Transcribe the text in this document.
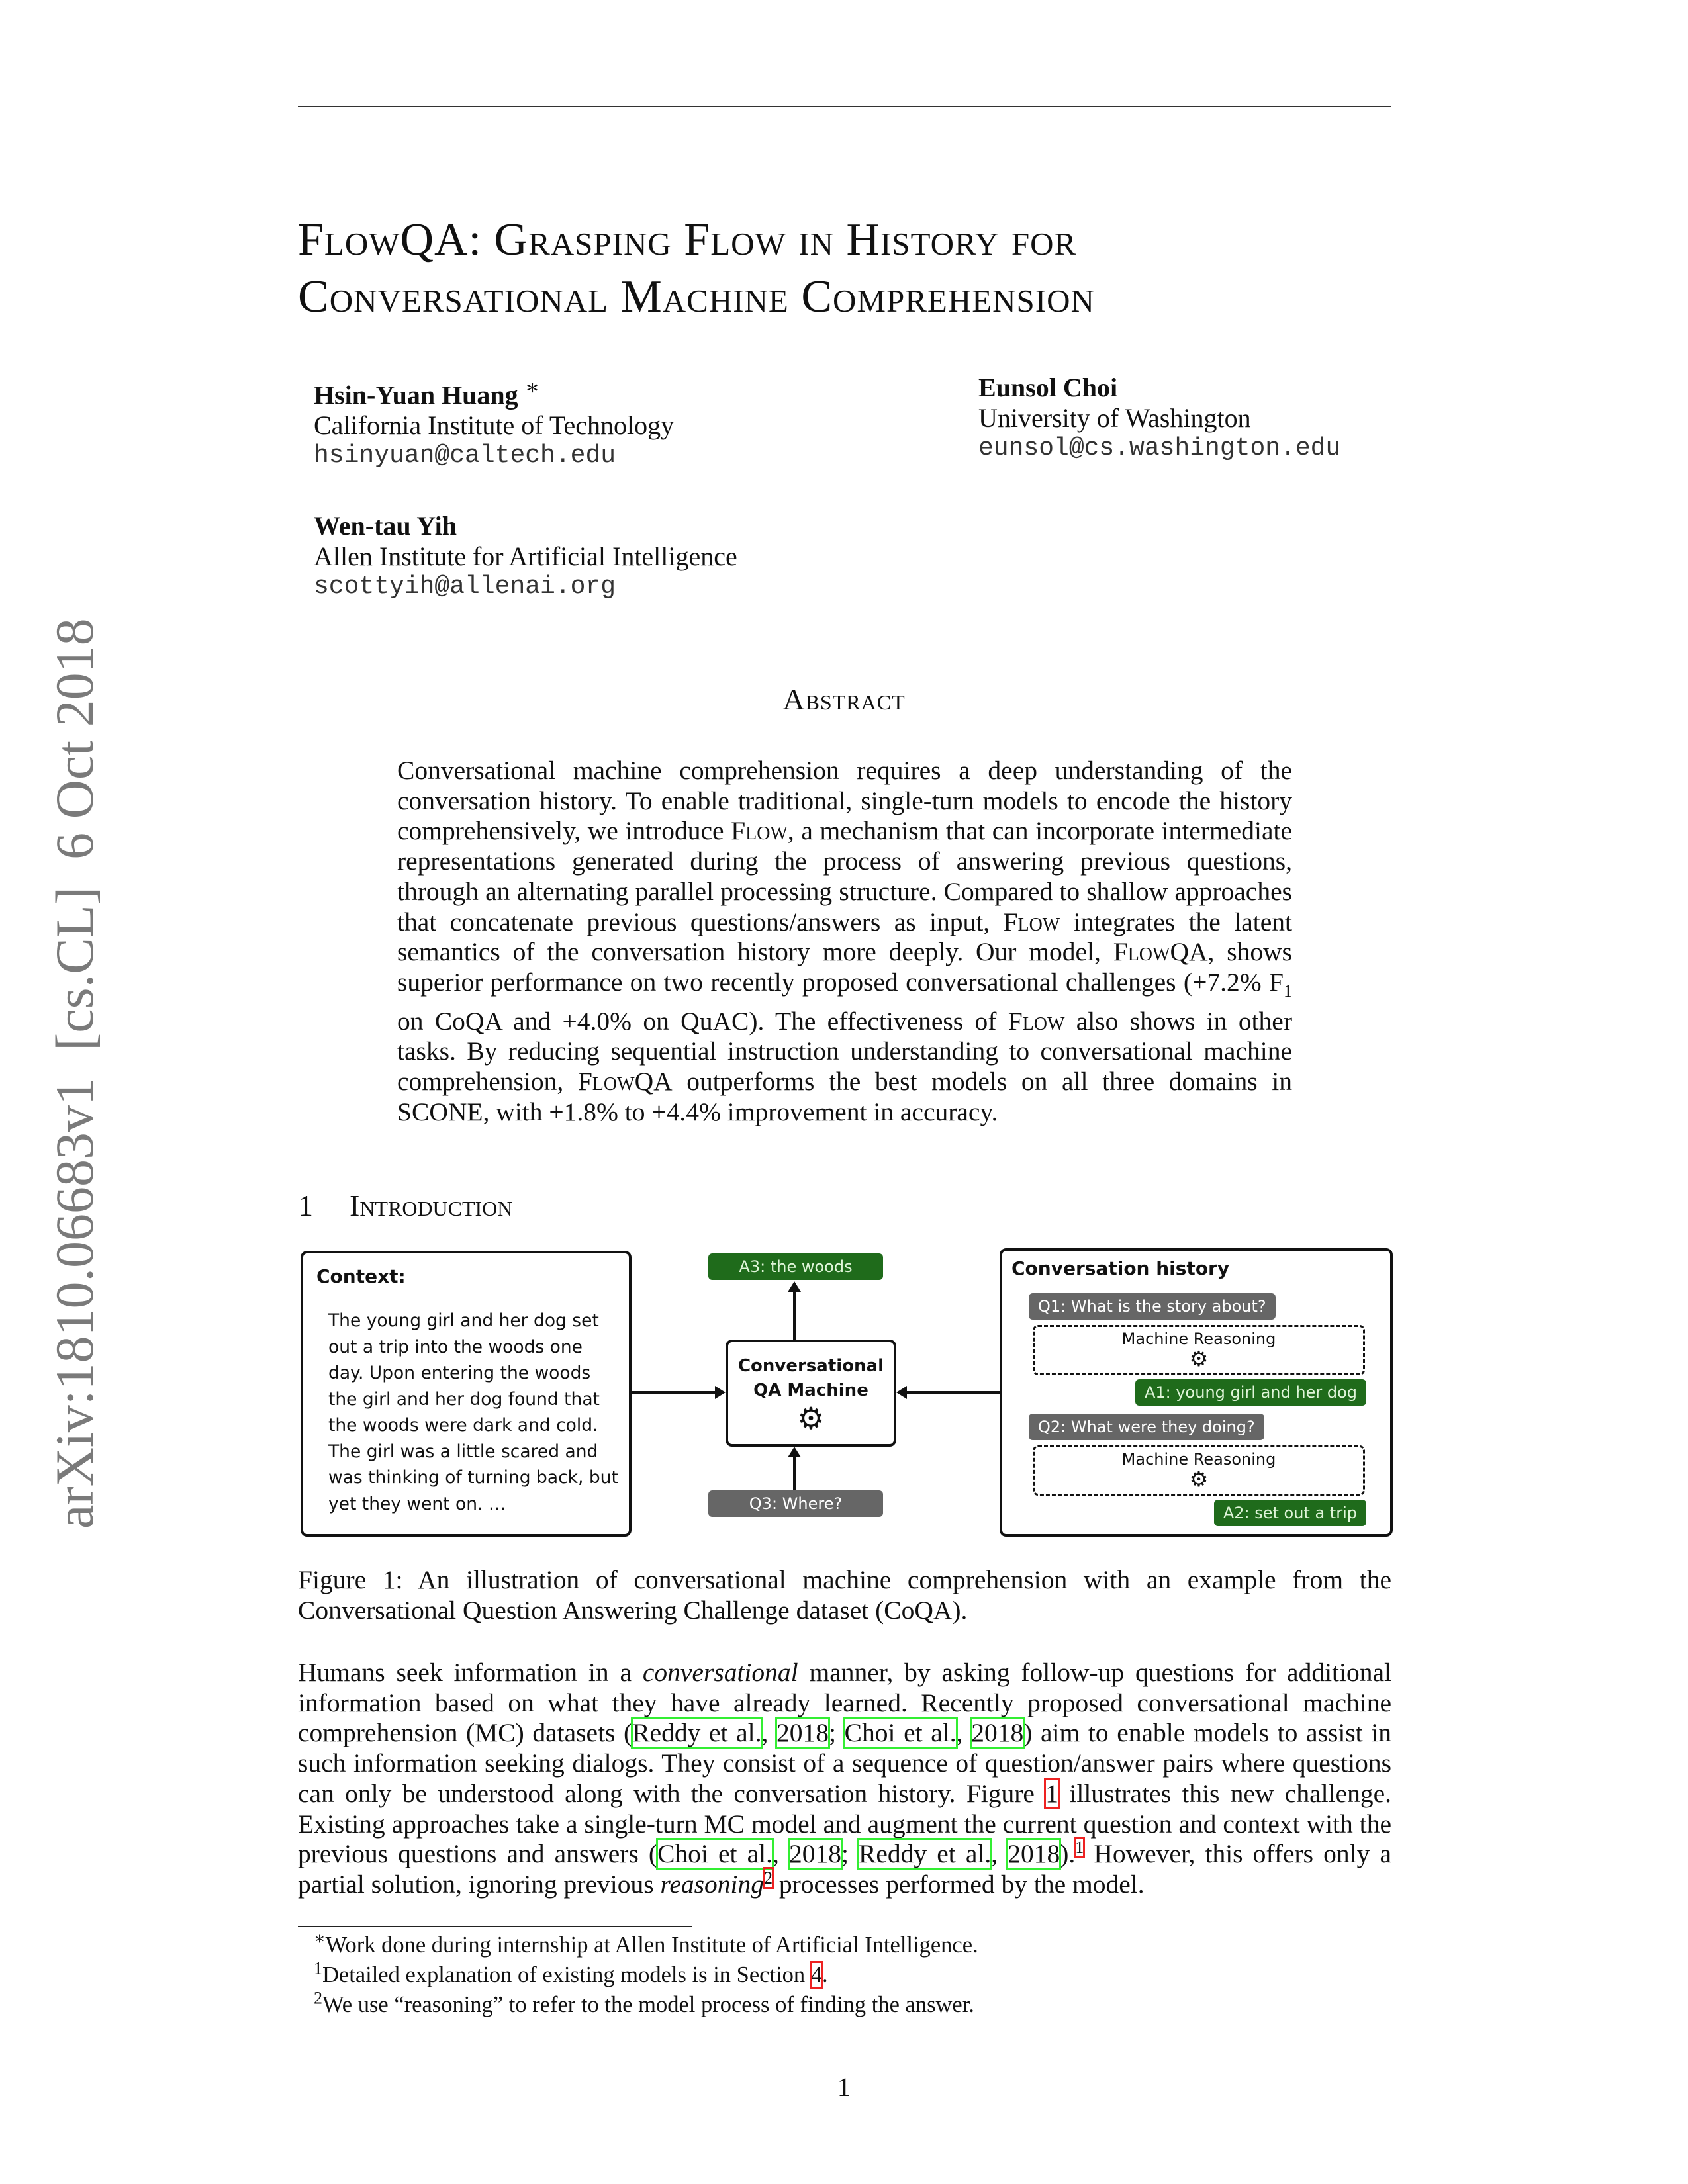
arXiv:1810.06683v1  [cs.CL]  6 Oct 2018
FlowQA: Grasping Flow in History for
Conversational Machine Comprehension
Hsin-Yuan Huang ∗
California Institute of Technology
hsinyuan@caltech.edu
Eunsol Choi
University of Washington
eunsol@cs.washington.edu
Wen-tau Yih
Allen Institute for Artificial Intelligence
scottyih@allenai.org
Abstract

Conversational machine comprehension requires a deep understanding of the conversation history. To enable traditional, single-turn models to encode the history comprehensively, we introduce Flow, a mechanism that can incorporate intermediate representations generated during the process of answering previous questions, through an alternating parallel processing structure. Compared to shallow approaches that concatenate previous questions/answers as input, Flow integrates the latent semantics of the conversation history more deeply. Our model, FlowQA, shows superior performance on two recently proposed conversational challenges (+7.2% $F_1$ on CoQA and +4.0% on QuAC). The effectiveness of Flow also shows in other tasks. By reducing sequential instruction understanding to conversational machine comprehension, FlowQA outperforms the best models on all three domains in SCONE, with +1.8% to +4.4% improvement in accuracy.

1 Introduction
Context:
The young girl and her dog set out a trip into the woods one day. Upon entering the woods the girl and her dog found that the woods were dark and cold. The girl was a little scared and was thinking of turning back, but yet they went on. …
A3: the woods
Conversational
QA Machine
⚙
Q3: Where?
Conversation history
Q1: What is the story about?
Machine Reasoning
⚙
A1: young girl and her dog
Q2: What were they doing?
Machine Reasoning
⚙
A2: set out a trip

Figure 1: An illustration of conversational machine comprehension with an example from the Conversational Question Answering Challenge dataset (CoQA).

Humans seek information in a conversational manner, by asking follow-up questions for additional information based on what they have already learned. Recently proposed conversational machine comprehension (MC) datasets (Reddy et al., 2018; Choi et al., 2018) aim to enable models to assist in such information seeking dialogs. They consist of a sequence of question/answer pairs where questions can only be understood along with the conversation history. Figure 1 illustrates this new challenge. Existing approaches take a single-turn MC model and augment the current question and context with the previous questions and answers (Choi et al., 2018; Reddy et al., 2018).$^1$ However, this offers only a partial solution, ignoring previous reasoning$^2$ processes performed by the model.

∗Work done during internship at Allen Institute of Artificial Intelligence.
$^1$Detailed explanation of existing models is in Section 4.
$^2$We use “reasoning” to refer to the model process of finding the answer.
1
